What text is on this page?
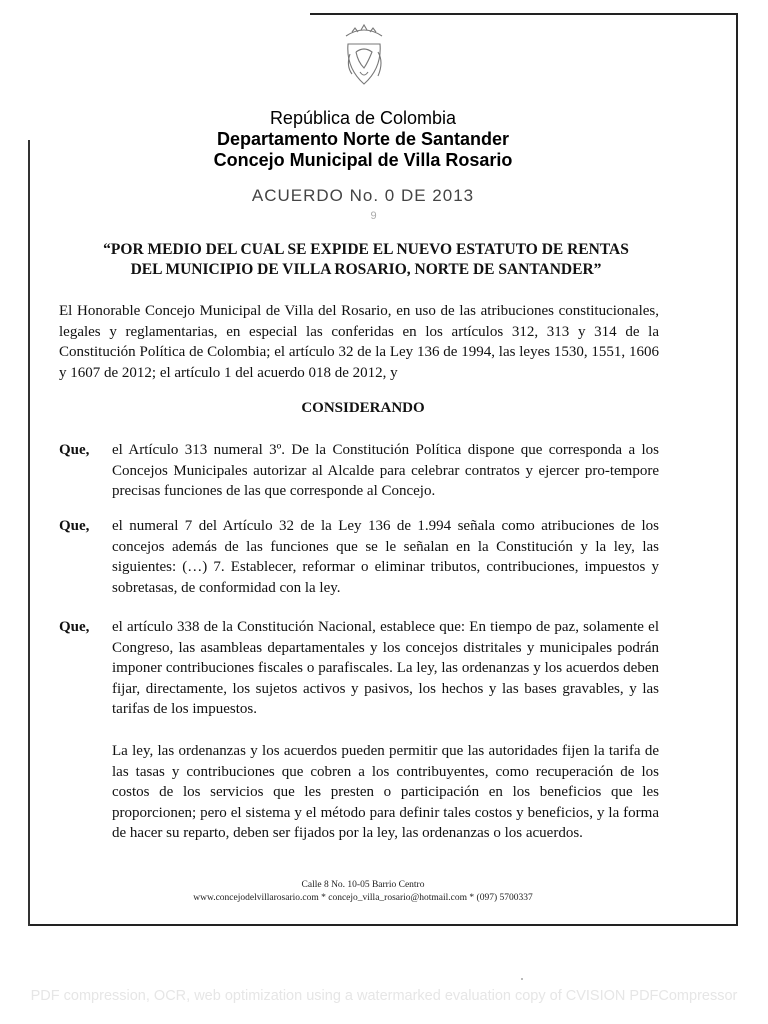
República de Colombia
Departamento Norte de Santander
Concejo Municipal de Villa Rosario
ACUERDO No. 0 DE 2013
9
“POR MEDIO DEL CUAL SE EXPIDE EL NUEVO ESTATUTO DE RENTAS
DEL MUNICIPIO DE VILLA ROSARIO, NORTE DE SANTANDER”
El Honorable Concejo Municipal de Villa del Rosario, en uso de las atribuciones constitucionales, legales y reglamentarias, en especial las conferidas en los artículos 312, 313 y 314 de la Constitución Política de Colombia; el artículo 32 de la Ley 136 de 1994, las leyes 1530, 1551, 1606 y 1607 de 2012; el artículo 1 del acuerdo 018 de 2012, y
CONSIDERANDO
Que, el Artículo 313 numeral 3º. De la Constitución Política dispone que corresponda a los Concejos Municipales autorizar al Alcalde para celebrar contratos y ejercer pro-tempore precisas funciones de las que corresponde al Concejo.
Que, el numeral 7 del Artículo 32 de la Ley 136 de 1.994 señala como atribuciones de los concejos además de las funciones que se le señalan en la Constitución y la ley, las siguientes: (…) 7. Establecer, reformar o eliminar tributos, contribuciones, impuestos y sobretasas, de conformidad con la ley.
Que, el artículo 338 de la Constitución Nacional, establece que: En tiempo de paz, solamente el Congreso, las asambleas departamentales y los concejos distritales y municipales podrán imponer contribuciones fiscales o parafiscales. La ley, las ordenanzas y los acuerdos deben fijar, directamente, los sujetos activos y pasivos, los hechos y las bases gravables, y las tarifas de los impuestos.
La ley, las ordenanzas y los acuerdos pueden permitir que las autoridades fijen la tarifa de las tasas y contribuciones que cobren a los contribuyentes, como recuperación de los costos de los servicios que les presten o participación en los beneficios que les proporcionen; pero el sistema y el método para definir tales costos y beneficios, y la forma de hacer su reparto, deben ser fijados por la ley, las ordenanzas o los acuerdos.
Calle 8 No. 10-05 Barrio Centro
www.concejodelvillarosario.com * concejo_villa_rosario@hotmail.com * (097) 5700337
PDF compression, OCR, web optimization using a watermarked evaluation copy of CVISION PDFCompressor
